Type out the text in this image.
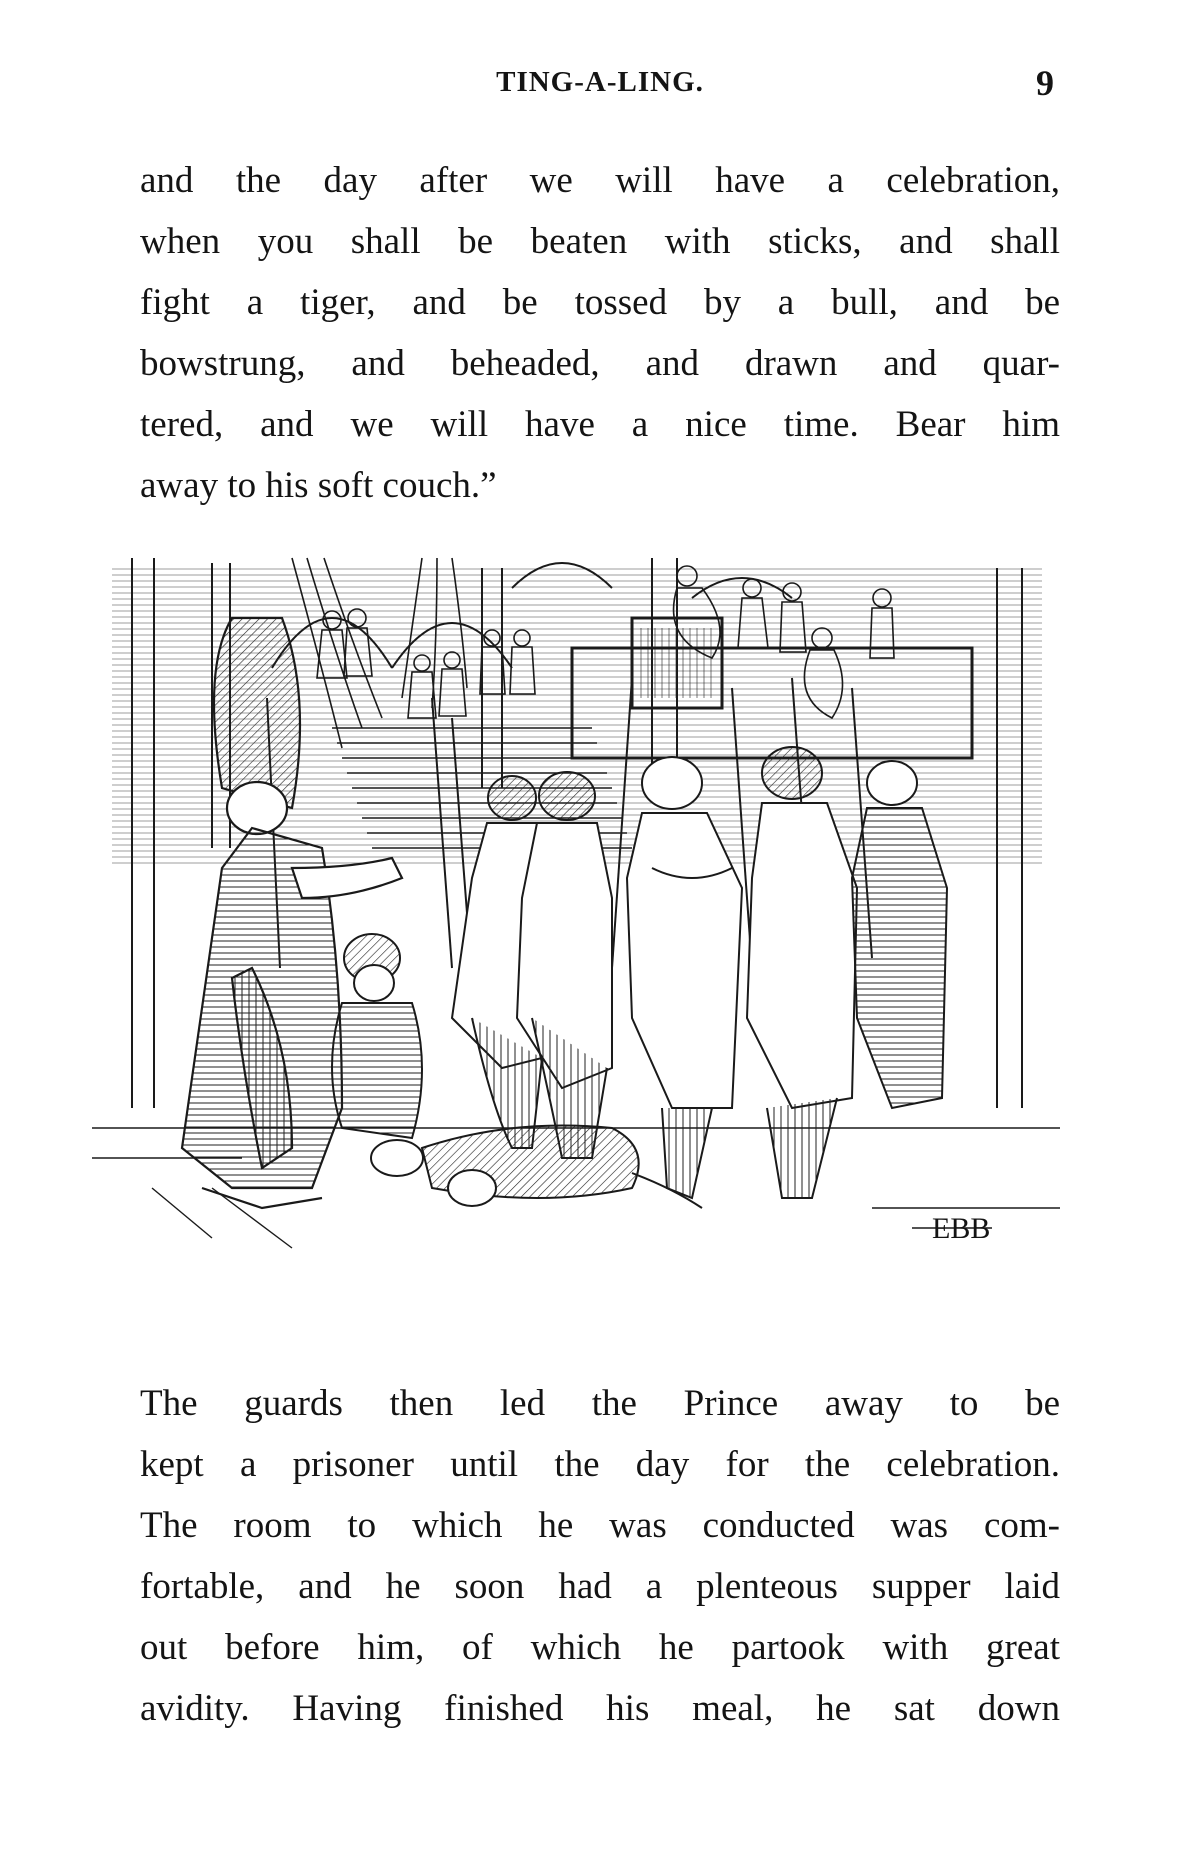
TING-A-LING.	9
and the day after we will have a celebration,
when you shall be beaten with sticks, and shall
fight a tiger, and be tossed by a bull, and be
bowstrung, and beheaded, and drawn and quar-
tered, and we will have a nice time. Bear him
away to his soft couch.”
EBB
The guards then led the Prince away to be
kept a prisoner until the day for the celebration.
The room to which he was conducted was com-
fortable, and he soon had a plenteous supper laid
out before him, of which he partook with great
avidity. Having finished his meal, he sat down
